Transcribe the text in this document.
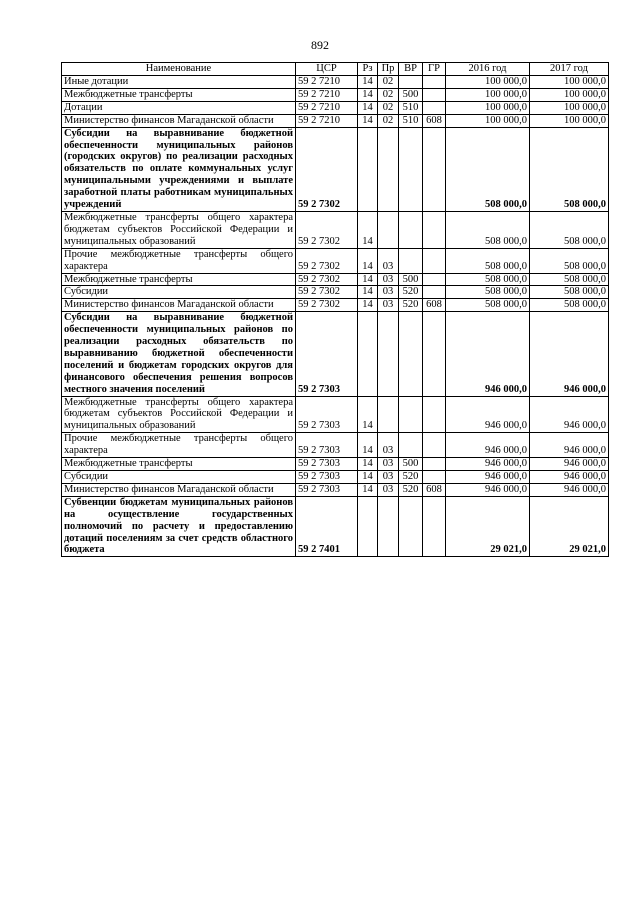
892
Наименование	ЦСР	Рз	Пр	ВР	ГР	2016 год	2017 год
Иные дотации	59 2 7210	14	02			100 000,0	100 000,0
Межбюджетные трансферты	59 2 7210	14	02	500		100 000,0	100 000,0
Дотации	59 2 7210	14	02	510		100 000,0	100 000,0
Министерство финансов Магаданской области	59 2 7210	14	02	510	608	100 000,0	100 000,0
Субсидии на выравнивание бюджетной обеспеченности муниципальных районов (городских округов) по реализации расходных обязательств по оплате коммунальных услуг муниципальными учреждениями и выплате заработной платы работникам муниципальных учреждений	59 2 7302					508 000,0	508 000,0
Межбюджетные трансферты общего характера бюджетам субъектов Российской Федерации и муниципальных образований	59 2 7302	14				508 000,0	508 000,0
Прочие межбюджетные трансферты общего характера	59 2 7302	14	03			508 000,0	508 000,0
Межбюджетные трансферты	59 2 7302	14	03	500		508 000,0	508 000,0
Субсидии	59 2 7302	14	03	520		508 000,0	508 000,0
Министерство финансов Магаданской области	59 2 7302	14	03	520	608	508 000,0	508 000,0
Субсидии на выравнивание бюджетной обеспеченности муниципальных районов по реализации расходных обязательств по выравниванию бюджетной обеспеченности поселений и бюджетам городских округов для финансового обеспечения решения вопросов местного значения поселений	59 2 7303					946 000,0	946 000,0
Межбюджетные трансферты общего характера бюджетам субъектов Российской Федерации и муниципальных образований	59 2 7303	14				946 000,0	946 000,0
Прочие межбюджетные трансферты общего характера	59 2 7303	14	03			946 000,0	946 000,0
Межбюджетные трансферты	59 2 7303	14	03	500		946 000,0	946 000,0
Субсидии	59 2 7303	14	03	520		946 000,0	946 000,0
Министерство финансов Магаданской области	59 2 7303	14	03	520	608	946 000,0	946 000,0
Субвенции бюджетам муниципальных районов на осуществление государственных полномочий по расчету и предоставлению дотаций поселениям за счет средств областного бюджета	59 2 7401					29 021,0	29 021,0
